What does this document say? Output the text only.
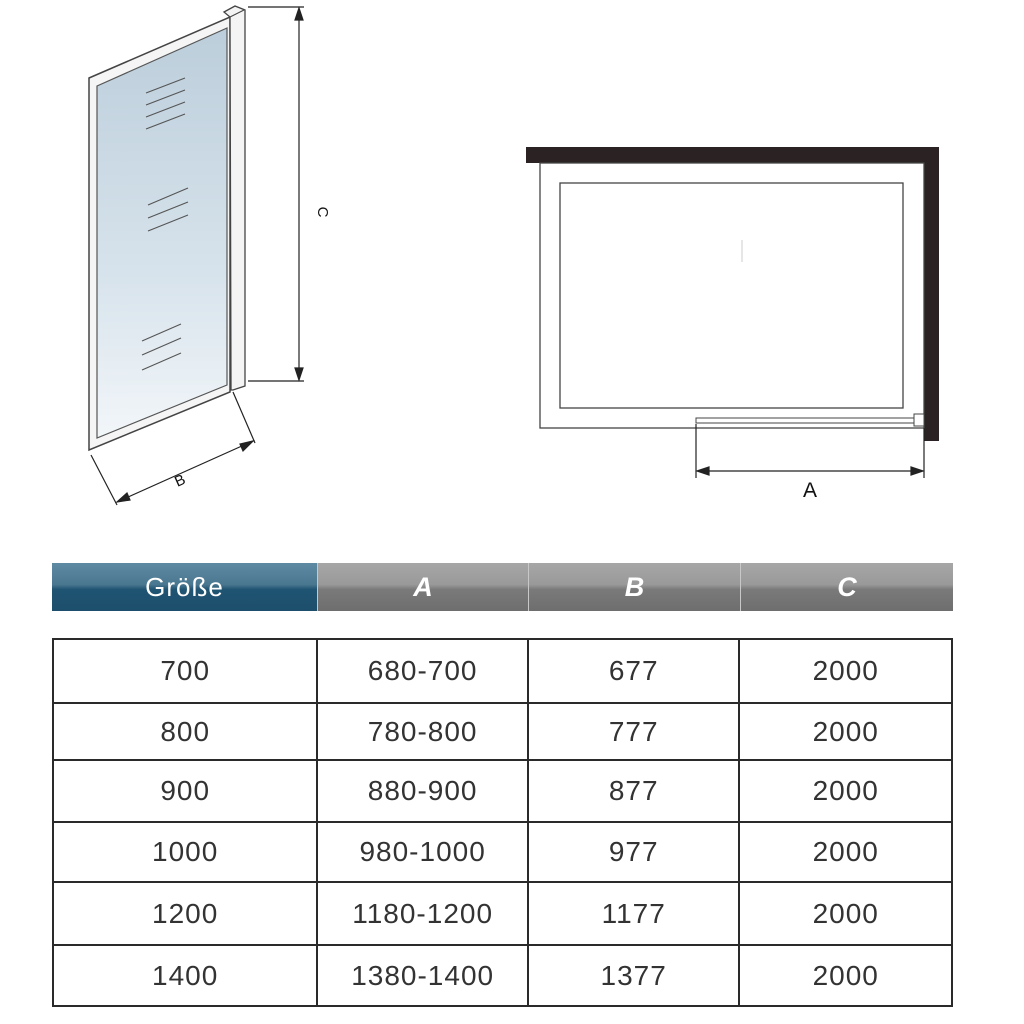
C
B	A
Größe	A	B	C
700	680-700	677	2000
800	780-800	777	2000
900	880-900	877	2000
1000	980-1000	977	2000
1200	1180-1200	1177	2000
1400	1380-1400	1377	2000
